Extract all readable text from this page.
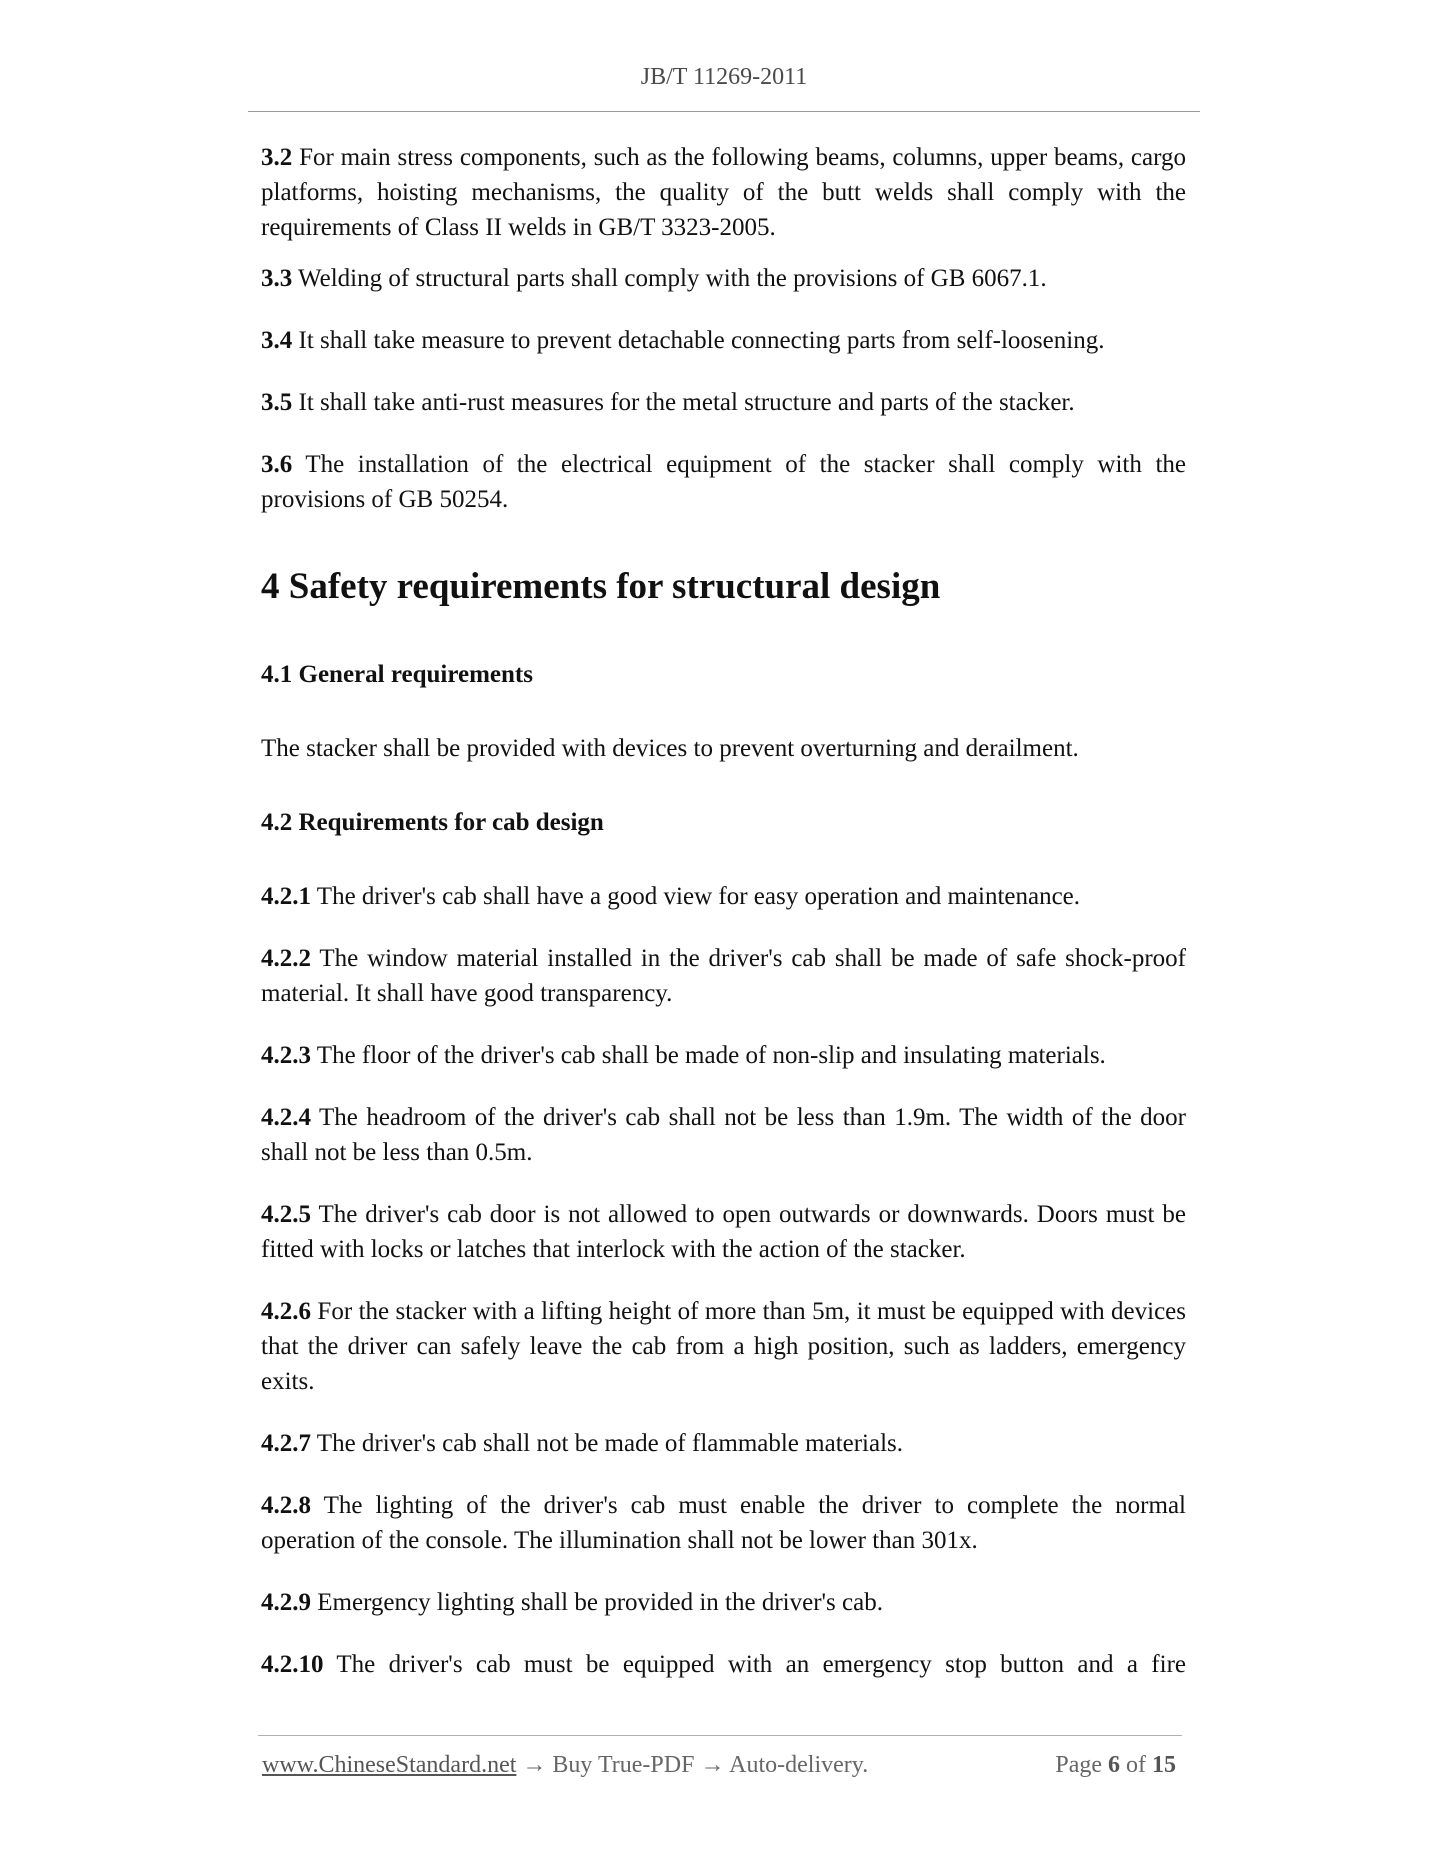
JB/T 11269-2011

3.2 For main stress components, such as the following beams, columns, upper beams, cargo platforms, hoisting mechanisms, the quality of the butt welds shall comply with the requirements of Class II welds in GB/T 3323-2005.

3.3 Welding of structural parts shall comply with the provisions of GB 6067.1.

3.4 It shall take measure to prevent detachable connecting parts from self-loosening.

3.5 It shall take anti-rust measures for the metal structure and parts of the stacker.

3.6 The installation of the electrical equipment of the stacker shall comply with the provisions of GB 50254.

4 Safety requirements for structural design
4.1 General requirements

The stacker shall be provided with devices to prevent overturning and derailment.

4.2 Requirements for cab design

4.2.1 The driver's cab shall have a good view for easy operation and maintenance.

4.2.2 The window material installed in the driver's cab shall be made of safe shock-proof material. It shall have good transparency.

4.2.3 The floor of the driver's cab shall be made of non-slip and insulating materials.

4.2.4 The headroom of the driver's cab shall not be less than 1.9m. The width of the door shall not be less than 0.5m.

4.2.5 The driver's cab door is not allowed to open outwards or downwards. Doors must be fitted with locks or latches that interlock with the action of the stacker.

4.2.6 For the stacker with a lifting height of more than 5m, it must be equipped with devices that the driver can safely leave the cab from a high position, such as ladders, emergency exits.

4.2.7 The driver's cab shall not be made of flammable materials.

4.2.8 The lighting of the driver's cab must enable the driver to complete the normal operation of the console. The illumination shall not be lower than 301x.

4.2.9 Emergency lighting shall be provided in the driver's cab.

4.2.10 The driver's cab must be equipped with an emergency stop button and a fire

www.ChineseStandard.net → Buy True-PDF → Auto-delivery.	Page 6 of 15
